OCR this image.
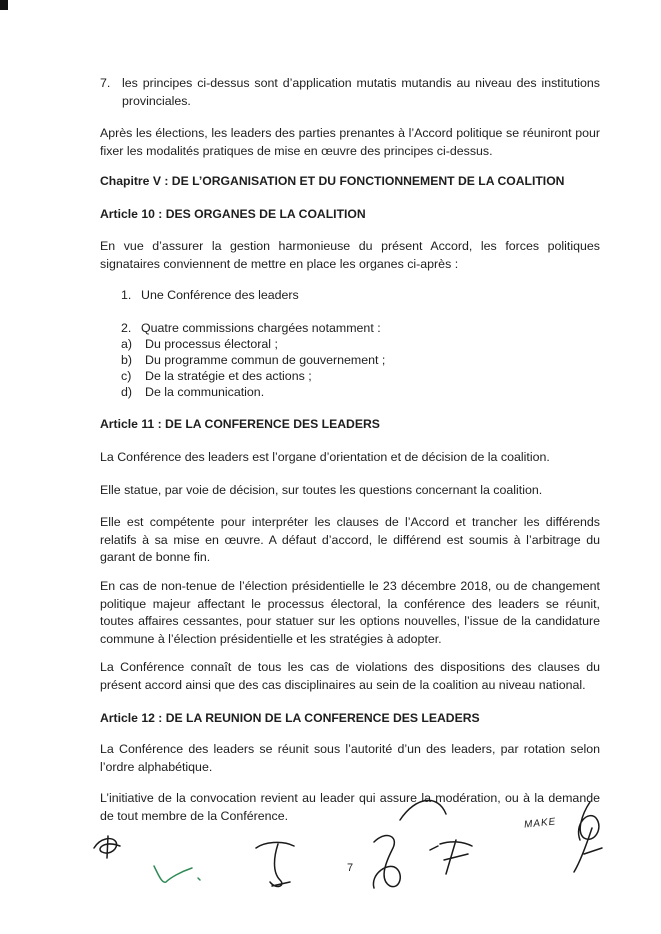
7. les principes ci-dessus sont d’application mutatis mutandis au niveau des institutions provinciales.

Après les élections, les leaders des parties prenantes à l’Accord politique se réuniront pour fixer les modalités pratiques de mise en œuvre des principes ci-dessus.

Chapitre V : DE L’ORGANISATION ET DU FONCTIONNEMENT DE LA COALITION

Article 10 : DES ORGANES DE LA COALITION

En vue d’assurer la gestion harmonieuse du présent Accord, les forces politiques signataires conviennent de mettre en place les organes ci-après :

1. Une Conférence des leaders
2. Quatre commissions chargées notamment :
a) Du processus électoral ;
b) Du programme commun de gouvernement ;
c) De la stratégie et des actions ;
d) De la communication.

Article 11 : DE LA CONFERENCE DES LEADERS

La Conférence des leaders est l’organe d’orientation et de décision de la coalition.

Elle statue, par voie de décision, sur toutes les questions concernant la coalition.

Elle est compétente pour interpréter les clauses de l’Accord et trancher les différends relatifs à sa mise en œuvre. A défaut d’accord, le différend est soumis à l’arbitrage du garant de bonne fin.

En cas de non-tenue de l’élection présidentielle le 23 décembre 2018, ou de changement politique majeur affectant le processus électoral, la conférence des leaders se réunit, toutes affaires cessantes, pour statuer sur les options nouvelles, l’issue de la candidature commune à l’élection présidentielle et les stratégies à adopter.

La Conférence connaît de tous les cas de violations des dispositions des clauses du présent accord ainsi que des cas disciplinaires au sein de la coalition au niveau national.

Article 12 : DE LA REUNION DE LA CONFERENCE DES LEADERS

La Conférence des leaders se réunit sous l’autorité d’un des leaders, par rotation selon l’ordre alphabétique.

L’initiative de la convocation revient au leader qui assure la modération, ou à la demande de tout membre de la Conférence.

MAKE
7
